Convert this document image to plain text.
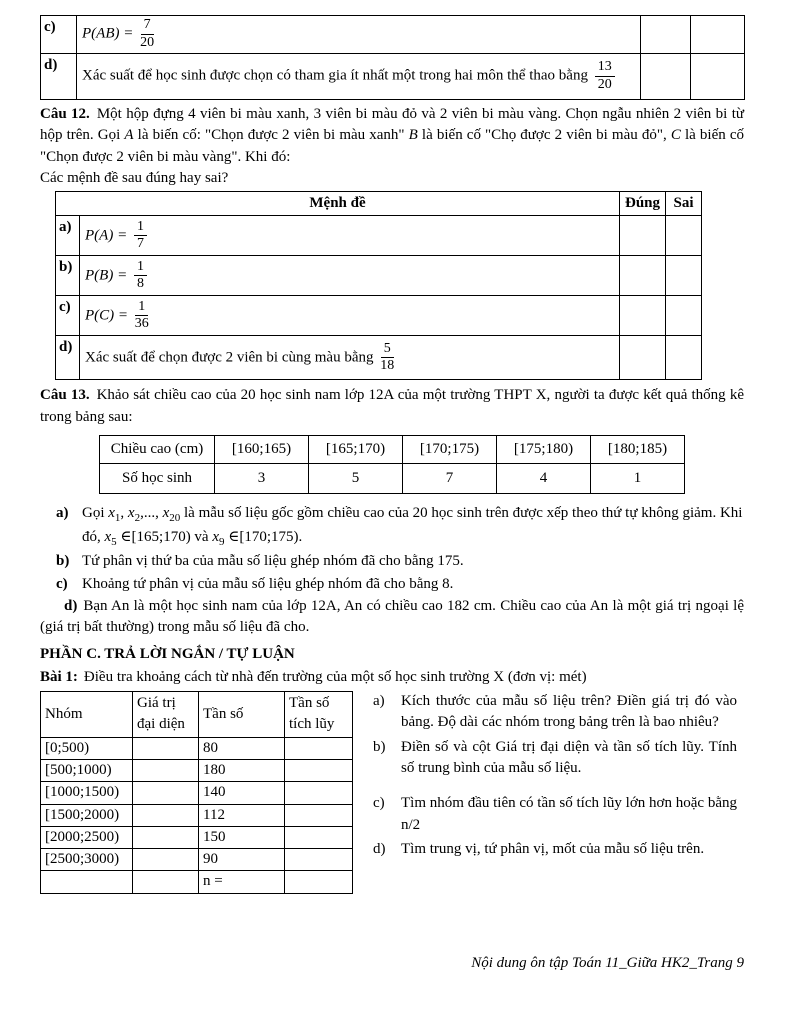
c)	$P(AB) = \frac{7}{20}$

d)	Xác suất để học sinh được chọn có tham gia ít nhất một trong hai môn thể thao bằng $\frac{13}{20}$

Câu 12. Một hộp đựng 4 viên bi màu xanh, 3 viên bi màu đỏ và 2 viên bi màu vàng. Chọn ngẫu nhiên 2 viên bi từ hộp trên. Gọi A là biến cố: "Chọn được 2 viên bi màu xanh" B là biến cố "Chọ được 2 viên bi màu đỏ", C là biến cố "Chọn được 2 viên bi màu vàng". Khi đó:

Các mệnh đề sau đúng hay sai?

Mệnh đề		Đúng	Sai
a)	$P(A) = \frac{1}{7}$

b)	$P(B) = \frac{1}{8}$

c)	$P(C) = \frac{1}{36}$

d)	Xác suất để chọn được 2 viên bi cùng màu bằng $\frac{5}{18}$

Câu 13. Khảo sát chiều cao của 20 học sinh nam lớp 12A của một trường THPT X, người ta được kết quả thống kê trong bảng sau:

Chiều cao (cm)	[160;165)	[165;170)	[170;175)	[175;180)	[180;185)
Số học sinh	3	5	7	4	1
a) Gọi $x_1$, $x_2$,..., $x_{20}$ là mẫu số liệu gốc gồm chiều cao của 20 học sinh trên được xếp theo thứ tự không giảm. Khi đó, $x_5$ ∈[165;170) và $x_9$ ∈[170;175).
b) Tứ phân vị thứ ba của mẫu số liệu ghép nhóm đã cho bằng 175.
c) Khoảng tứ phân vị của mẫu số liệu ghép nhóm đã cho bằng 8.

d) Bạn An là một học sinh nam của lớp 12A, An có chiều cao 182 cm. Chiều cao của An là một giá trị ngoại lệ (giá trị bất thường) trong mẫu số liệu đã cho.

PHẦN C. TRẢ LỜI NGẮN / TỰ LUẬN

Bài 1: Điều tra khoảng cách từ nhà đến trường của một số học sinh trường X (đơn vị: mét)

Nhóm	Giá trị đại diện	Tần số	Tần số tích lũy
[0;500)		80	
[500;1000)		180	
[1000;1500)		140	
[1500;2000)		112	
[2000;2500)		150	
[2500;3000)		90	
		n =	
a)	Kích thước của mẫu số liệu trên? Điền giá trị đó vào bảng. Độ dài các nhóm trong bảng trên là bao nhiêu?
b)	Điền số và cột Giá trị đại diện và tần số tích lũy. Tính số trung bình của mẫu số liệu.
c)	Tìm nhóm đầu tiên có tần số tích lũy lớn hơn hoặc bằng n/2
d)	Tìm trung vị, tứ phân vị, mốt của mẫu số liệu trên.
Nội dung ôn tập Toán 11_Giữa HK2_Trang 9
